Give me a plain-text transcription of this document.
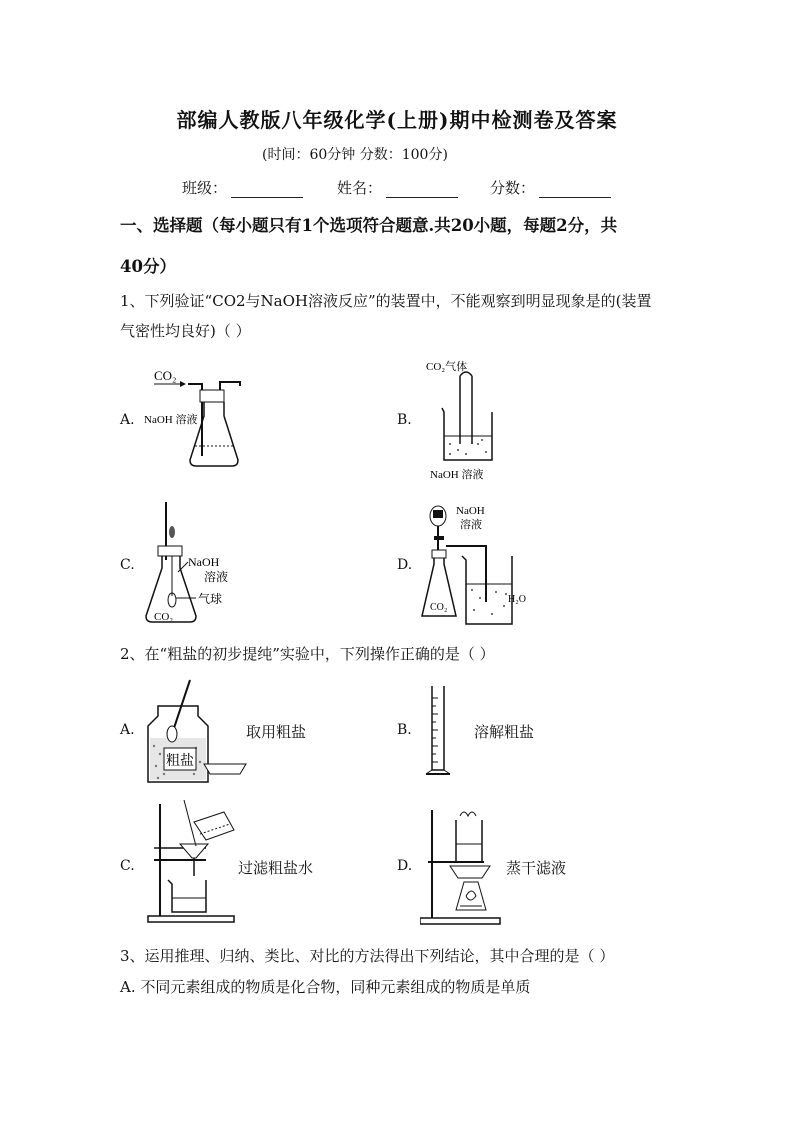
部编人教版八年级化学(上册)期中检测卷及答案
(时间：60分钟 分数：100分)
班级：	姓名：	分数：
一、选择题（每小题只有1个选项符合题意.共20小题，每题2分，共
40分）
1、下列验证“CO2与NaOH溶液反应”的装置中，不能观察到明显现象是的(装置
气密性均良好)（ ）
A.
CO₂
NaOH 溶液	B.
CO₂气体
NaOH 溶液
C.	NaOH
溶液
气球
CO₂
D.
NaOH
溶液
CO₂
H₂O
2、在“粗盐的初步提纯”实验中，下列操作正确的是（ ）
A.
粗盐
取用粗盐	B.	溶解粗盐
C.	过滤粗盐水	D.	蒸干滤液
3、运用推理、归纳、类比、对比的方法得出下列结论，其中合理的是（ ）
A. 不同元素组成的物质是化合物，同种元素组成的物质是单质
